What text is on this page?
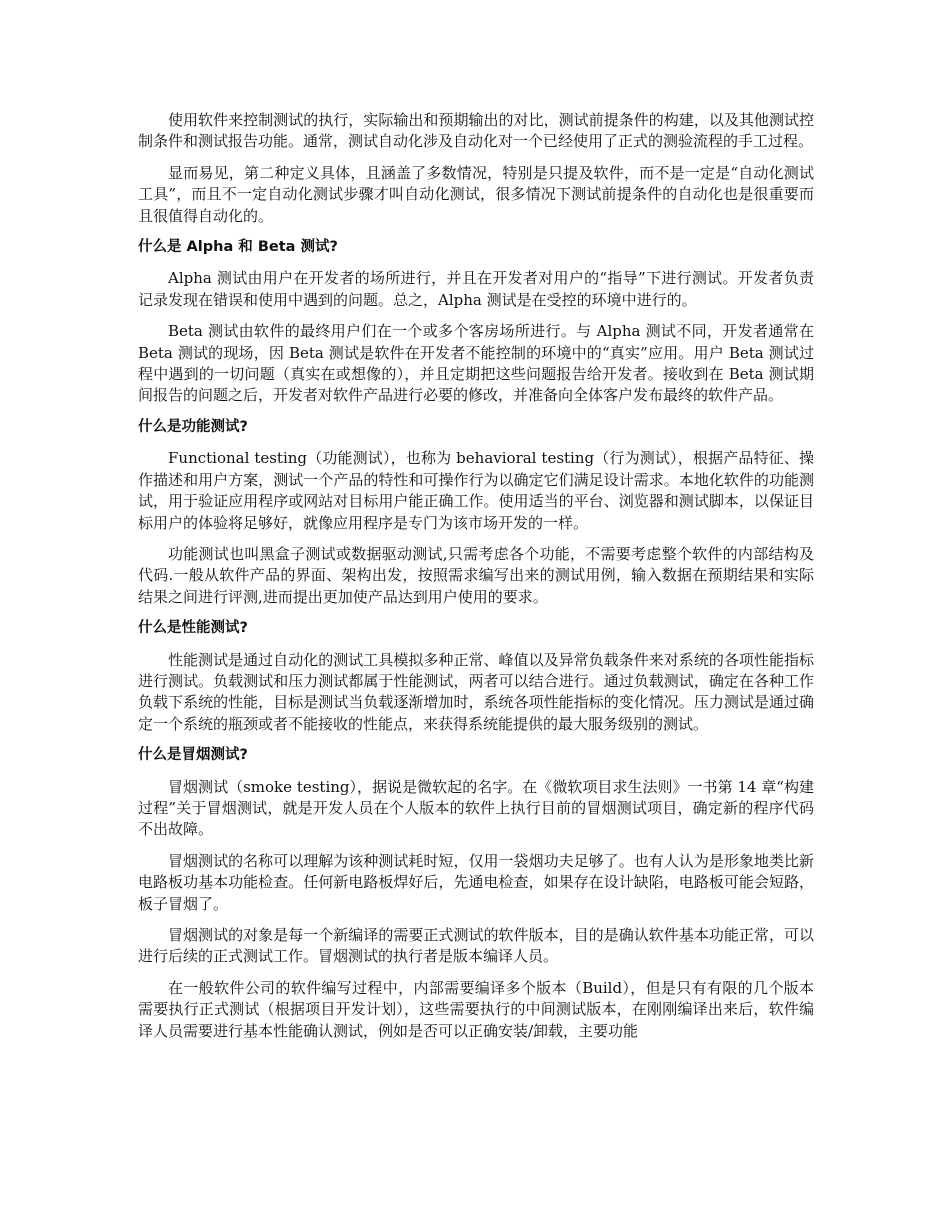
使用软件来控制测试的执行，实际输出和预期输出的对比，测试前提条件的构建，以及其他测试控制条件和测试报告功能。通常，测试自动化涉及自动化对一个已经使用了正式的测验流程的手工过程。

显而易见，第二种定义具体，且涵盖了多数情况，特别是只提及软件，而不是一定是“自动化测试工具”，而且不一定自动化测试步骤才叫自动化测试，很多情况下测试前提条件的自动化也是很重要而且很值得自动化的。

什么是 Alpha 和 Beta 测试?

Alpha 测试由用户在开发者的场所进行，并且在开发者对用户的“指导”下进行测试。开发者负责记录发现在错误和使用中遇到的问题。总之，Alpha 测试是在受控的环境中进行的。

Beta 测试由软件的最终用户们在一个或多个客房场所进行。与 Alpha 测试不同，开发者通常在 Beta 测试的现场，因 Beta 测试是软件在开发者不能控制的环境中的“真实”应用。用户 Beta 测试过程中遇到的一切问题（真实在或想像的），并且定期把这些问题报告给开发者。接收到在 Beta 测试期间报告的问题之后，开发者对软件产品进行必要的修改，并准备向全体客户发布最终的软件产品。

什么是功能测试?

Functional testing（功能测试），也称为 behavioral testing（行为测试），根据产品特征、操作描述和用户方案，测试一个产品的特性和可操作行为以确定它们满足设计需求。本地化软件的功能测试，用于验证应用程序或网站对目标用户能正确工作。使用适当的平台、浏览器和测试脚本，以保证目标用户的体验将足够好，就像应用程序是专门为该市场开发的一样。

功能测试也叫黑盒子测试或数据驱动测试,只需考虑各个功能，不需要考虑整个软件的内部结构及代码.一般从软件产品的界面、架构出发，按照需求编写出来的测试用例，输入数据在预期结果和实际结果之间进行评测,进而提出更加使产品达到用户使用的要求。

什么是性能测试?

性能测试是通过自动化的测试工具模拟多种正常、峰值以及异常负载条件来对系统的各项性能指标进行测试。负载测试和压力测试都属于性能测试，两者可以结合进行。通过负载测试，确定在各种工作负载下系统的性能，目标是测试当负载逐渐增加时，系统各项性能指标的变化情况。压力测试是通过确定一个系统的瓶颈或者不能接收的性能点，来获得系统能提供的最大服务级别的测试。

什么是冒烟测试?

冒烟测试（smoke testing），据说是微软起的名字。在《微软项目求生法则》一书第 14 章“构建过程”关于冒烟测试，就是开发人员在个人版本的软件上执行目前的冒烟测试项目，确定新的程序代码不出故障。

冒烟测试的名称可以理解为该种测试耗时短，仅用一袋烟功夫足够了。也有人认为是形象地类比新电路板功基本功能检查。任何新电路板焊好后，先通电检查，如果存在设计缺陷，电路板可能会短路，板子冒烟了。

冒烟测试的对象是每一个新编译的需要正式测试的软件版本，目的是确认软件基本功能正常，可以进行后续的正式测试工作。冒烟测试的执行者是版本编译人员。

在一般软件公司的软件编写过程中，内部需要编译多个版本（Build），但是只有有限的几个版本需要执行正式测试（根据项目开发计划），这些需要执行的中间测试版本，在刚刚编译出来后，软件编译人员需要进行基本性能确认测试，例如是否可以正确安装/卸载，主要功能
